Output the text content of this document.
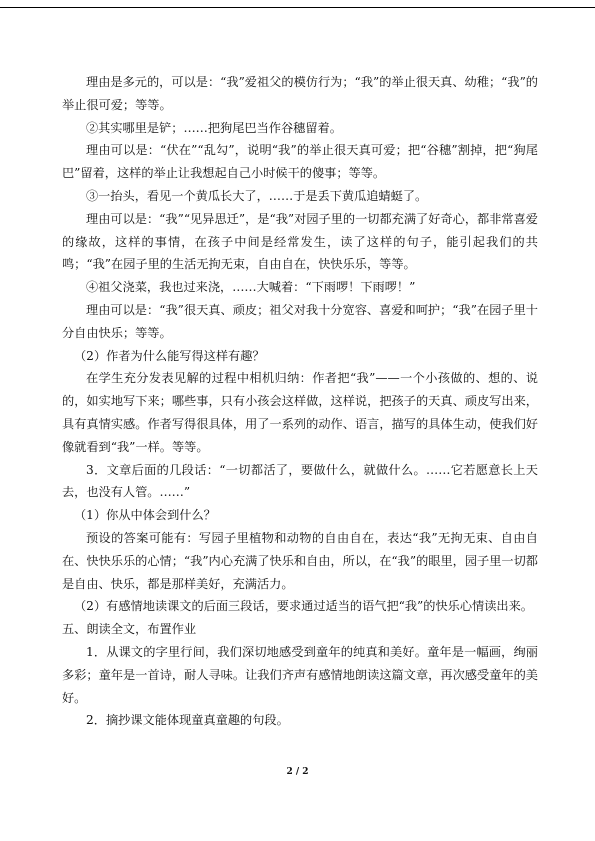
理由是多元的，可以是：“我”爱祖父的模仿行为；“我”的举止很天真、幼稚；“我”的举止很可爱；等等。

②其实哪里是铲；……把狗尾巴当作谷穗留着。

理由可以是：“伏在”“乱勾”，说明“我”的举止很天真可爱；把“谷穗”割掉，把“狗尾巴”留着，这样的举止让我想起自己小时候干的傻事；等等。

③一抬头，看见一个黄瓜长大了，……于是丢下黄瓜追蜻蜓了。

理由可以是：“我”“见异思迁”，是“我”对园子里的一切都充满了好奇心，都非常喜爱的缘故，这样的事情，在孩子中间是经常发生，读了这样的句子，能引起我们的共鸣；“我”在园子里的生活无拘无束，自由自在，快快乐乐，等等。

④祖父浇菜，我也过来浇，……大喊着：“下雨啰！下雨啰！”

理由可以是：“我”很天真、顽皮；祖父对我十分宽容、喜爱和呵护；“我”在园子里十分自由快乐；等等。

（2）作者为什么能写得这样有趣？

在学生充分发表见解的过程中相机归纳：作者把“我”——一个小孩做的、想的、说的，如实地写下来；哪些事，只有小孩会这样做，这样说，把孩子的天真、顽皮写出来，具有真情实感。作者写得很具体，用了一系列的动作、语言，描写的具体生动，使我们好像就看到“我”一样。等等。

3．文章后面的几段话：“一切都活了，要做什么，就做什么。……它若愿意长上天去，也没有人管。……”

（1）你从中体会到什么？

预设的答案可能有：写园子里植物和动物的自由自在，表达“我”无拘无束、自由自在、快快乐乐的心情；“我”内心充满了快乐和自由，所以，在“我”的眼里，园子里一切都是自由、快乐，都是那样美好，充满活力。

（2）有感情地读课文的后面三段话，要求通过适当的语气把“我”的快乐心情读出来。

五、朗读全文，布置作业

1．从课文的字里行间，我们深切地感受到童年的纯真和美好。童年是一幅画，绚丽多彩；童年是一首诗，耐人寻味。让我们齐声有感情地朗读这篇文章，再次感受童年的美好。

2．摘抄课文能体现童真童趣的句段。

2 / 2
